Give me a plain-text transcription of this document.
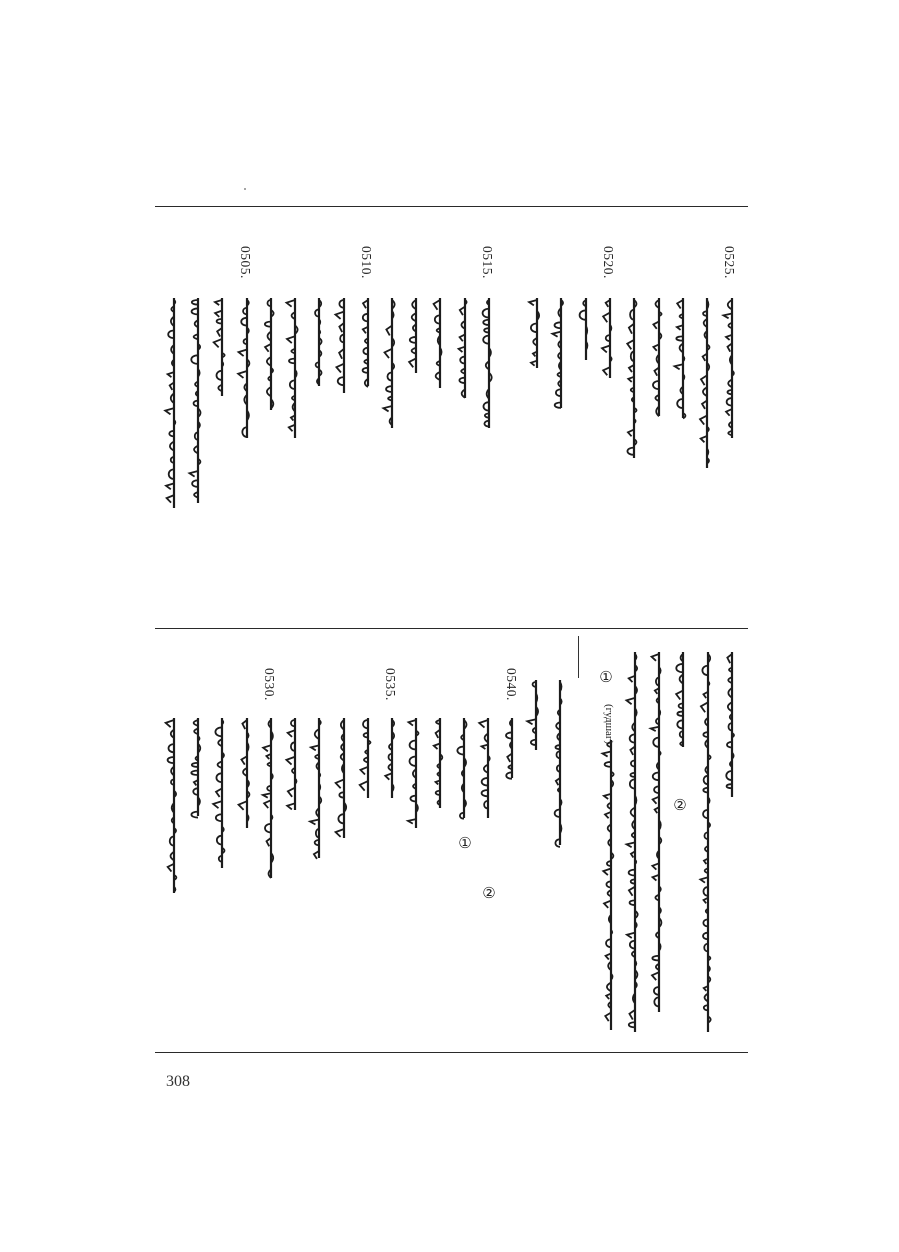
0525.
0520.
0515.
0510.
0505.
0540.
0535.
0530.
②
①
(гудшаг)
①
②
308
